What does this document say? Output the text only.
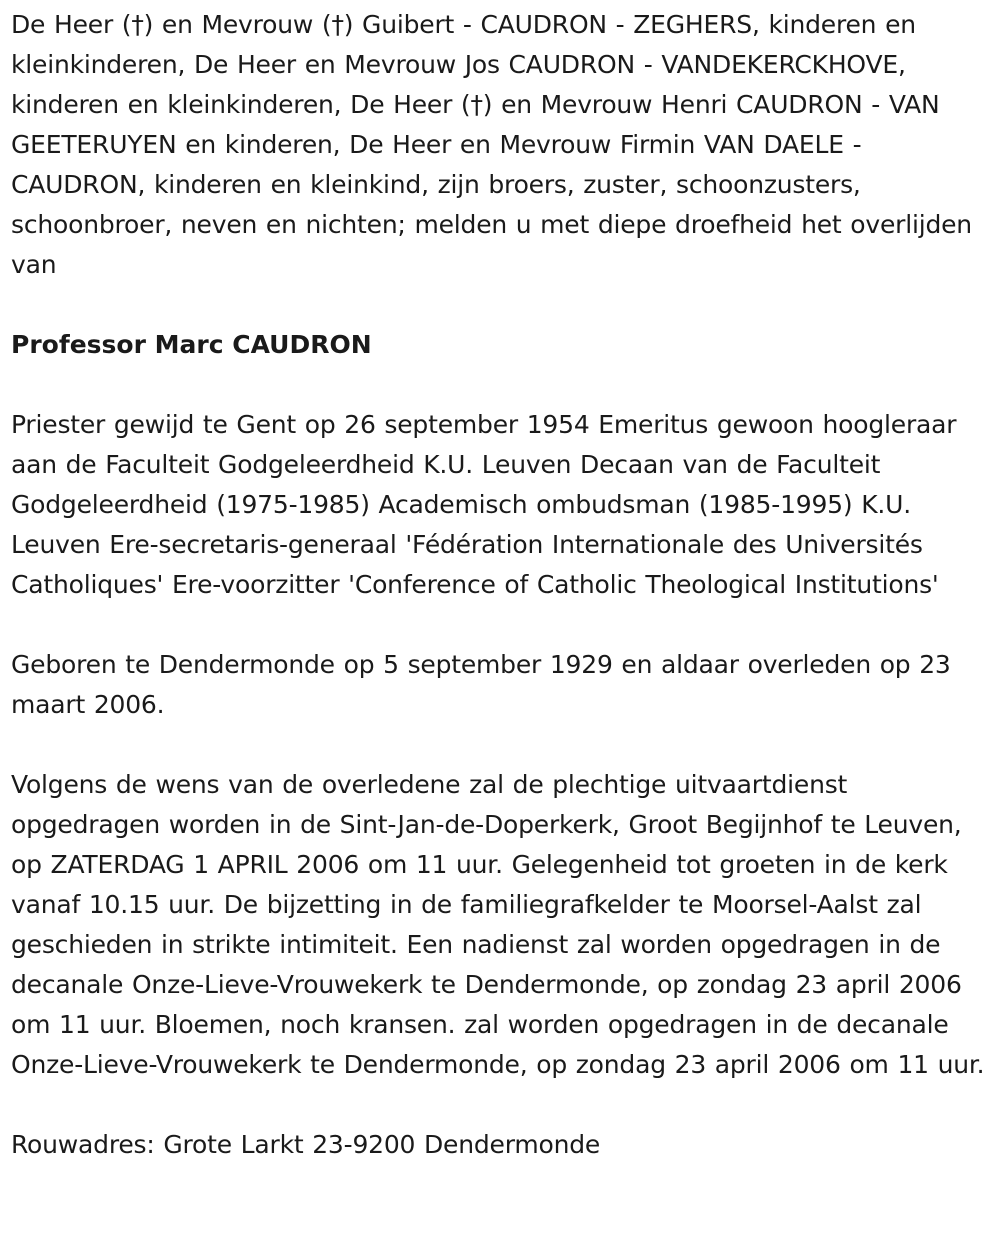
De Heer (†) en Mevrouw (†) Guibert - CAUDRON - ZEGHERS, kinderen en kleinkinderen, De Heer en Mevrouw Jos CAUDRON - VANDEKERCKHOVE, kinderen en kleinkinderen, De Heer (†) en Mevrouw Henri CAUDRON - VAN GEETERUYEN en kinderen, De Heer en Mevrouw Firmin VAN DAELE - CAUDRON, kinderen en kleinkind, zijn broers, zuster, schoonzusters, schoonbroer, neven en nichten; melden u met diepe droefheid het overlijden van

Professor Marc CAUDRON

Priester gewijd te Gent op 26 september 1954 Emeritus gewoon hoogleraar aan de Faculteit Godgeleerdheid K.U. Leuven Decaan van de Faculteit Godgeleerdheid (1975-1985) Academisch ombudsman (1985-1995) K.U. Leuven Ere-secretaris-generaal 'Fédération Internationale des Universités Catholiques' Ere-voorzitter 'Conference of Catholic Theological Institutions'

Geboren te Dendermonde op 5 september 1929 en aldaar overleden op 23 maart 2006.

Volgens de wens van de overledene zal de plechtige uitvaartdienst opgedragen worden in de Sint-Jan-de-Doperkerk, Groot Begijnhof te Leuven, op ZATERDAG 1 APRIL 2006 om 11 uur. Gelegenheid tot groeten in de kerk vanaf 10.15 uur. De bijzetting in de familiegrafkelder te Moorsel-Aalst zal geschieden in strikte intimiteit. Een nadienst zal worden opgedragen in de decanale Onze-Lieve-Vrouwekerk te Dendermonde, op zondag 23 april 2006 om 11 uur. Bloemen, noch kransen. zal worden opgedragen in de decanale Onze-Lieve-Vrouwekerk te Dendermonde, op zondag 23 april 2006 om 11 uur.

Rouwadres: Grote Larkt 23-9200 Dendermonde
